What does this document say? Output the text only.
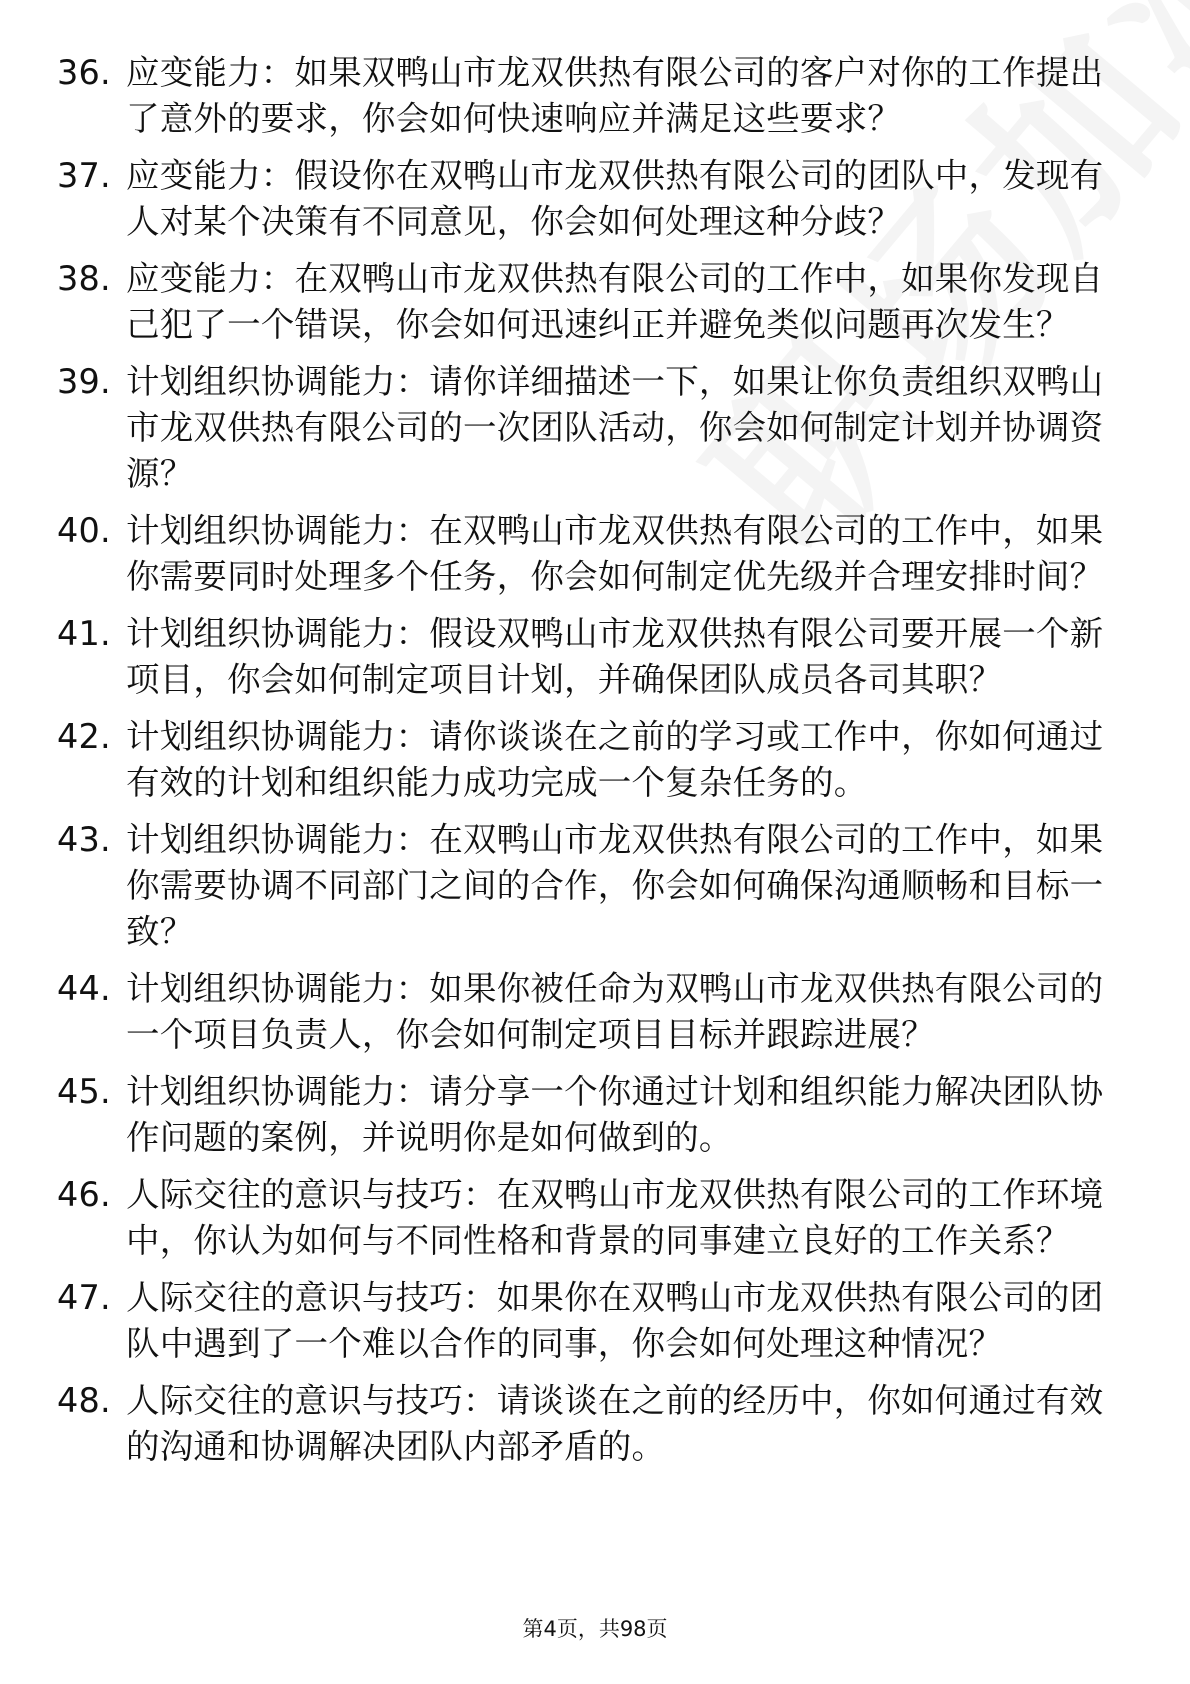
36. 应变能力：如果双鸭山市龙双供热有限公司的客户对你的工作提出了意外的要求，你会如何快速响应并满足这些要求？
37. 应变能力：假设你在双鸭山市龙双供热有限公司的团队中，发现有人对某个决策有不同意见，你会如何处理这种分歧？
38. 应变能力：在双鸭山市龙双供热有限公司的工作中，如果你发现自己犯了一个错误，你会如何迅速纠正并避免类似问题再次发生？
39. 计划组织协调能力：请你详细描述一下，如果让你负责组织双鸭山市龙双供热有限公司的一次团队活动，你会如何制定计划并协调资源？
40. 计划组织协调能力：在双鸭山市龙双供热有限公司的工作中，如果你需要同时处理多个任务，你会如何制定优先级并合理安排时间？
41. 计划组织协调能力：假设双鸭山市龙双供热有限公司要开展一个新项目，你会如何制定项目计划，并确保团队成员各司其职？
42. 计划组织协调能力：请你谈谈在之前的学习或工作中，你如何通过有效的计划和组织能力成功完成一个复杂任务的。
43. 计划组织协调能力：在双鸭山市龙双供热有限公司的工作中，如果你需要协调不同部门之间的合作，你会如何确保沟通顺畅和目标一致？
44. 计划组织协调能力：如果你被任命为双鸭山市龙双供热有限公司的一个项目负责人，你会如何制定项目目标并跟踪进展？
45. 计划组织协调能力：请分享一个你通过计划和组织能力解决团队协作问题的案例，并说明你是如何做到的。
46. 人际交往的意识与技巧：在双鸭山市龙双供热有限公司的工作环境中，你认为如何与不同性格和背景的同事建立良好的工作关系？
47. 人际交往的意识与技巧：如果你在双鸭山市龙双供热有限公司的团队中遇到了一个难以合作的同事，你会如何处理这种情况？
48. 人际交往的意识与技巧：请谈谈在之前的经历中，你如何通过有效的沟通和协调解决团队内部矛盾的。
第4页，共98页
